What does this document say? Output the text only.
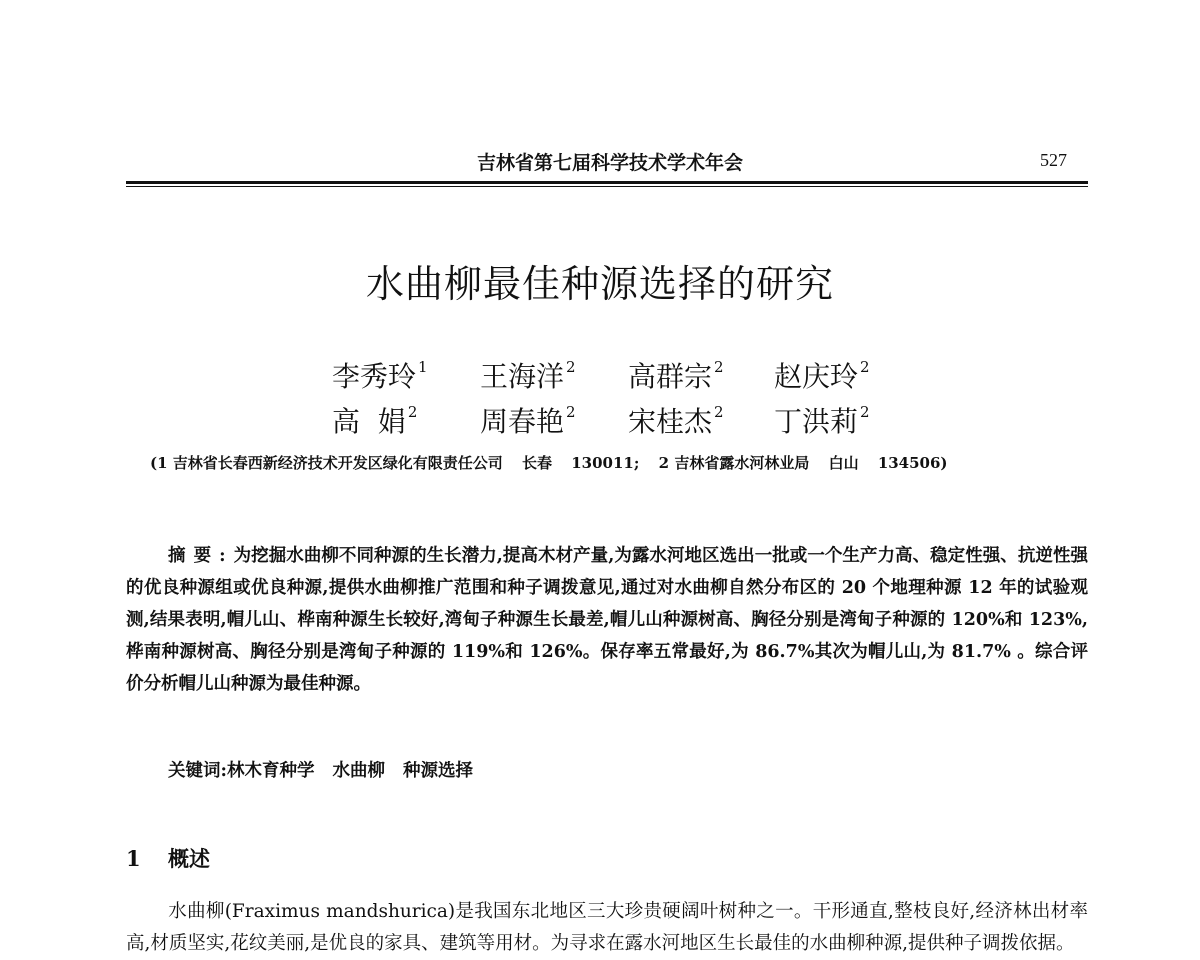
吉林省第七届科学技术学术年会	527
水曲柳最佳种源选择的研究
李秀玲 $^1$ 王海洋 $^2$ 高群宗 $^2$ 赵庆玲 $^2$
高  娟 $^2$ 周春艳 $^2$ 宋桂杰 $^2$ 丁洪莉 $^2$
(1 吉林省长春西新经济技术开发区绿化有限责任公司 长春 130011; 2 吉林省露水河林业局 白山 134506)
摘要:为挖掘水曲柳不同种源的生长潜力,提高木材产量,为露水河地区选出一批或一个生产力高、稳定性强、抗逆性强的优良种源组或优良种源,提供水曲柳推广范围和种子调拨意见,通过对水曲柳自然分布区的 20 个地理种源 12 年的试验观测,结果表明,帽儿山、桦南种源生长较好,湾甸子种源生长最差,帽儿山种源树高、胸径分别是湾甸子种源的 120%和 123%,桦南种源树高、胸径分别是湾甸子种源的 119%和 126%。保存率五常最好,为 86.7%其次为帽儿山,为 81.7% 。综合评价分析帽儿山种源为最佳种源。
关键词:林木育种学 水曲柳 种源选择
1 概述
水曲柳(Fraximus mandshurica)是我国东北地区三大珍贵硬阔叶树种之一。干形通直,整枝良好,经济林出材率高,材质坚实,花纹美丽,是优良的家具、建筑等用材。为寻求在露水河地区生长最佳的水曲柳种源,提供种子调拨依据。
